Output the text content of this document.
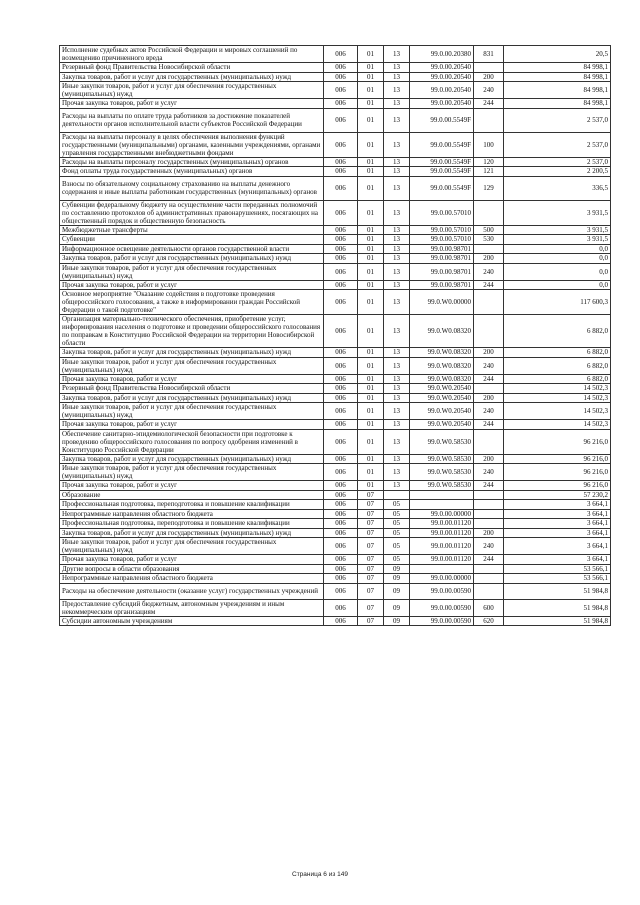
Исполнение судебных актов Российской Федерации и мировых соглашений по возмещению причиненного вреда	006	01	13	99.0.00.20380	831	20,5
Резервный фонд Правительства Новосибирской области	006	01	13	99.0.00.20540		84 998,1
Закупка товаров, работ и услуг для государственных (муниципальных) нужд	006	01	13	99.0.00.20540	200	84 998,1
Иные закупки товаров, работ и услуг для обеспечения государственных (муниципальных) нужд	006	01	13	99.0.00.20540	240	84 998,1
Прочая закупка товаров, работ и услуг	006	01	13	99.0.00.20540	244	84 998,1
Расходы на выплаты по оплате труда работников за достижение показателей деятельности органов исполнительной власти субъектов Российской Федерации	006	01	13	99.0.00.5549F		2 537,0
Расходы на выплаты персоналу в целях обеспечения выполнения функций государственными (муниципальными) органами, казенными учреждениями, органами управления государственными внебюджетными фондами	006	01	13	99.0.00.5549F	100	2 537,0
Расходы на выплаты персоналу государственных (муниципальных) органов	006	01	13	99.0.00.5549F	120	2 537,0
Фонд оплаты труда государственных (муниципальных) органов	006	01	13	99.0.00.5549F	121	2 200,5
Взносы по обязательному социальному страхованию на выплаты денежного содержания и иные выплаты работникам государственных (муниципальных) органов	006	01	13	99.0.00.5549F	129	336,5
Субвенции федеральному бюджету на осуществление части переданных полномочий по составлению протоколов об административных правонарушениях, посягающих на общественный порядок и общественную безопасность	006	01	13	99.0.00.57010		3 931,5
Межбюджетные трансферты	006	01	13	99.0.00.57010	500	3 931,5
Субвенции	006	01	13	99.0.00.57010	530	3 931,5
Информационное освещение деятельности органов государственной власти	006	01	13	99.0.00.98701		0,0
Закупка товаров, работ и услуг для государственных (муниципальных) нужд	006	01	13	99.0.00.98701	200	0,0
Иные закупки товаров, работ и услуг для обеспечения государственных (муниципальных) нужд	006	01	13	99.0.00.98701	240	0,0
Прочая закупка товаров, работ и услуг	006	01	13	99.0.00.98701	244	0,0
Основное мероприятие "Оказание содействия в подготовке проведения общероссийского голосования, а также в информировании граждан Российской Федерации о такой подготовке"	006	01	13	99.0.W0.00000		117 600,3
Организация материально-технического обеспечения, приобретение услуг, информирования населения о подготовке и проведении общероссийского голосования по поправкам в Конституцию Российской Федерации на территории Новосибирской области	006	01	13	99.0.W0.08320		6 882,0
Закупка товаров, работ и услуг для государственных (муниципальных) нужд	006	01	13	99.0.W0.08320	200	6 882,0
Иные закупки товаров, работ и услуг для обеспечения государственных (муниципальных) нужд	006	01	13	99.0.W0.08320	240	6 882,0
Прочая закупка товаров, работ и услуг	006	01	13	99.0.W0.08320	244	6 882,0
Резервный фонд Правительства Новосибирской области	006	01	13	99.0.W0.20540		14 502,3
Закупка товаров, работ и услуг для государственных (муниципальных) нужд	006	01	13	99.0.W0.20540	200	14 502,3
Иные закупки товаров, работ и услуг для обеспечения государственных (муниципальных) нужд	006	01	13	99.0.W0.20540	240	14 502,3
Прочая закупка товаров, работ и услуг	006	01	13	99.0.W0.20540	244	14 502,3
Обеспечение санитарно-эпидемиологической безопасности при подготовке к проведению общероссийского голосования по вопросу одобрения изменений в Конституцию Российской Федерации	006	01	13	99.0.W0.58530		96 216,0
Закупка товаров, работ и услуг для государственных (муниципальных) нужд	006	01	13	99.0.W0.58530	200	96 216,0
Иные закупки товаров, работ и услуг для обеспечения государственных (муниципальных) нужд	006	01	13	99.0.W0.58530	240	96 216,0
Прочая закупка товаров, работ и услуг	006	01	13	99.0.W0.58530	244	96 216,0
Образование	006	07				57 230,2
Профессиональная подготовка, переподготовка и повышение квалификации	006	07	05			3 664,1
Непрограммные направления областного бюджета	006	07	05	99.0.00.00000		3 664,1
Профессиональная подготовка, переподготовка и повышение квалификации	006	07	05	99.0.00.01120		3 664,1
Закупка товаров, работ и услуг для государственных (муниципальных) нужд	006	07	05	99.0.00.01120	200	3 664,1
Иные закупки товаров, работ и услуг для обеспечения государственных (муниципальных) нужд	006	07	05	99.0.00.01120	240	3 664,1
Прочая закупка товаров, работ и услуг	006	07	05	99.0.00.01120	244	3 664,1
Другие вопросы в области образования	006	07	09			53 566,1
Непрограммные направления областного бюджета	006	07	09	99.0.00.00000		53 566,1
Расходы на обеспечение деятельности (оказание услуг) государственных учреждений	006	07	09	99.0.00.00590		51 984,8
Предоставление субсидий бюджетным, автономным учреждениям и иным некоммерческим организациям	006	07	09	99.0.00.00590	600	51 984,8
Субсидии автономным учреждениям	006	07	09	99.0.00.00590	620	51 984,8
Страница 6 из 149
